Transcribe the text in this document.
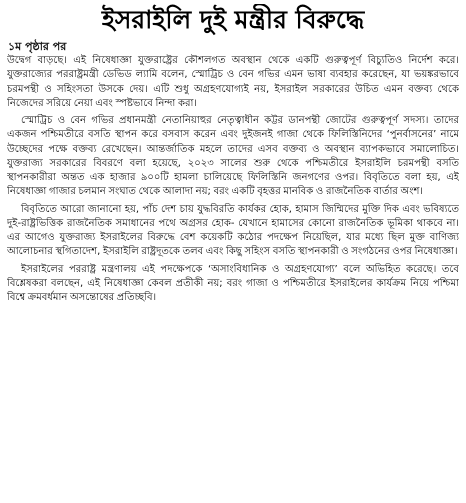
ইসরাইলি দুই মন্ত্রীর বিরুদ্ধে
১ম পৃষ্ঠার পর

উদ্বেগ বাড়ছে। এই নিষেধাজ্ঞা যুক্তরাষ্ট্রের কৌশলগত অবস্থান থেকে একটি গুরুত্বপূর্ণ বিচ্যুতিও নির্দেশ করে। যুক্তরাজ্যের পররাষ্ট্রমন্ত্রী ডেভিড ল্যামি বলেন, স্মোট্রিচ ও বেন গভির এমন ভাষা ব্যবহার করেছেন, যা ভয়ঙ্করভাবে চরমপন্থী ও সহিংসতা উসকে দেয়। এটি শুধু অগ্রহণযোগ্যই নয়, ইসরাইল সরকারের উচিত এমন বক্তব্য থেকে নিজেদের সরিয়ে নেয়া এবং স্পষ্টভাবে নিন্দা করা।

স্মোট্রিচ ও বেন গভির প্রধানমন্ত্রী নেতানিয়াহুর নেতৃত্বাধীন কট্টর ডানপন্থী জোটের গুরুত্বপূর্ণ সদস্য। তাদের একজন পশ্চিমতীরে বসতি স্থাপন করে বসবাস করেন এবং দুইজনই গাজা থেকে ফিলিস্তিনিদের ‘পুনর্বাসনের’ নামে উচ্ছেদের পক্ষে বক্তব্য রেখেছেন। আন্তর্জাতিক মহলে তাদের এসব বক্তব্য ও অবস্থান ব্যাপকভাবে সমালোচিত। যুক্তরাজ্য সরকারের বিবরণে বলা হয়েছে, ২০২৩ সালের শুরু থেকে পশ্চিমতীরে ইসরাইলি চরমপন্থী বসতি স্থাপনকারীরা অন্তত এক হাজার ৯০০টি হামলা চালিয়েছে ফিলিস্তিনি জনগণের ওপর। বিবৃতিতে বলা হয়, এই নিষেধাজ্ঞা গাজার চলমান সংঘাত থেকে আলাদা নয়; বরং একটি বৃহত্তর মানবিক ও রাজনৈতিক বার্তার অংশ।

বিবৃতিতে আরো জানানো হয়, পাঁচ দেশ চায় যুদ্ধবিরতি কার্যকর হোক, হামাস জিম্মিদের মুক্তি দিক এবং ভবিষ্যতে দুই-রাষ্ট্রভিত্তিক রাজনৈতিক সমাধানের পথে অগ্রসর হোক- যেখানে হামাসের কোনো রাজনৈতিক ভূমিকা থাকবে না। এর আগেও যুক্তরাজ্য ইসরাইলের বিরুদ্ধে বেশ কয়েকটি কঠোর পদক্ষেপ নিয়েছিল, যার মধ্যে ছিল মুক্ত বাণিজ্য আলোচনার স্থগিতাদেশ, ইসরাইলি রাষ্ট্রদূতকে তলব এবং কিছু সহিংস বসতি স্থাপনকারী ও সংগঠনের ওপর নিষেধাজ্ঞা।

ইসরাইলের পররাষ্ট্র মন্ত্রণালয় এই পদক্ষেপকে ‘অসাংবিধানিক ও অগ্রহণযোগ্য’ বলে অভিহিত করেছে। তবে বিশ্লেষকরা বলছেন, এই নিষেধাজ্ঞা কেবল প্রতীকী নয়; বরং গাজা ও পশ্চিমতীরে ইসরাইলের কার্যক্রম নিয়ে পশ্চিমা বিশ্বে ক্রমবর্ধমান অসন্তোষের প্রতিচ্ছবি।
